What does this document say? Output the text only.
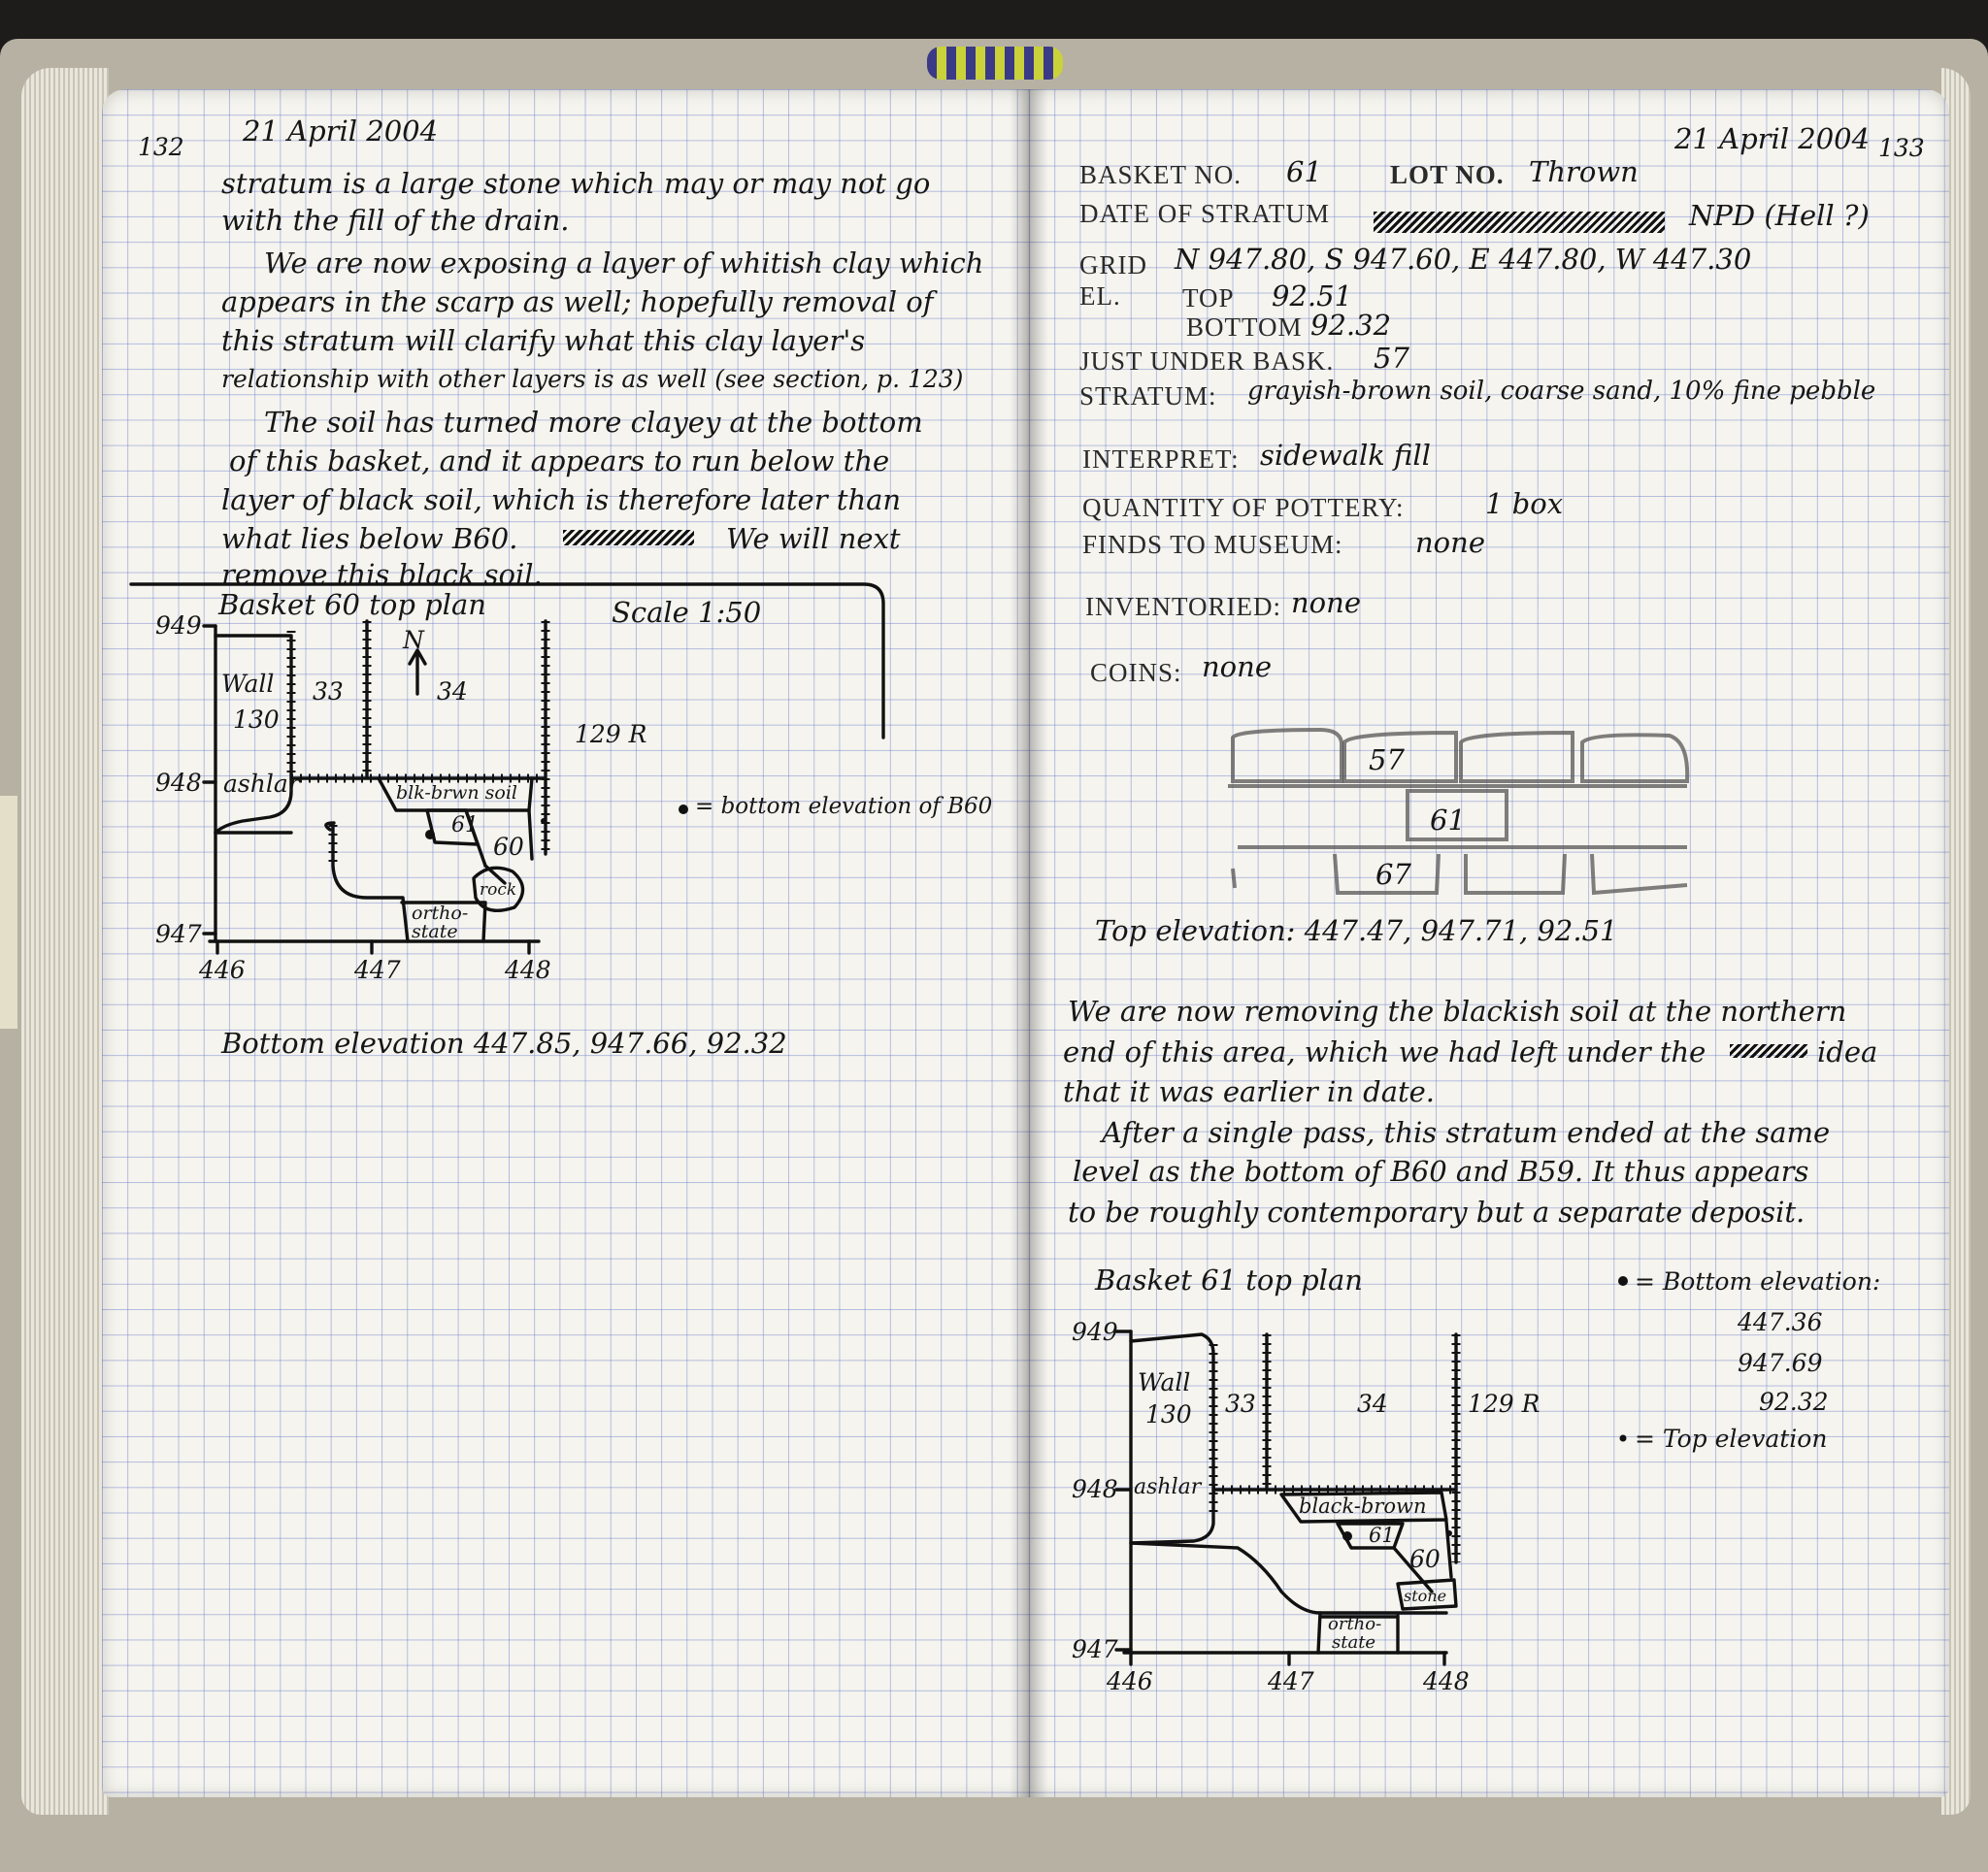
132 21 April 2004
stratum is a large stone which may or may not go
with the fill of the drain.
We are now exposing a layer of whitish clay which
appears in the scarp as well; hopefully removal of
this stratum will clarify what this clay layer's
relationship with other layers is as well (see section, p. 123)
The soil has turned more clayey at the bottom
of this basket, and it appears to run below the
layer of black soil, which is therefore later than
what lies below B60.	We will next
remove this black soil.
Basket 60 top plan	Scale 1:50
N
949
948
947
446	447	448
Wall
130
ashlar
33	34
129 R
blk-brwn soil
61
60
rock
ortho-
state
= bottom elevation of B60
Bottom elevation 447.85, 947.66, 92.32
133
21 April 2004
BASKET NO. 61	LOT NO. Thrown
DATE OF STRATUM	NPD (Hell ?)
GRID N 947.80, S 947.60, E 447.80, W 447.30
EL. TOP 92.51
BOTTOM 92.32
JUST UNDER BASK. 57
STRATUM: grayish-brown soil, coarse sand, 10% fine pebble
INTERPRET: sidewalk fill
QUANTITY OF POTTERY:	1 box
FINDS TO MUSEUM:	none
INVENTORIED: none
COINS: none
57
61
67
Top elevation: 447.47, 947.71, 92.51
We are now removing the blackish soil at the northern
end of this area, which we had left under the	idea
that it was earlier in date.
After a single pass, this stratum ended at the same
level as the bottom of B60 and B59. It thus appears
to be roughly contemporary but a separate deposit.
Basket 61 top plan
949
948
947
446	447	448
Wall
130
ashlar
33	34	129 R
black-brown
61
60
stone
ortho-
state
= Bottom elevation:
447.36
947.69
92.32
= Top elevation
